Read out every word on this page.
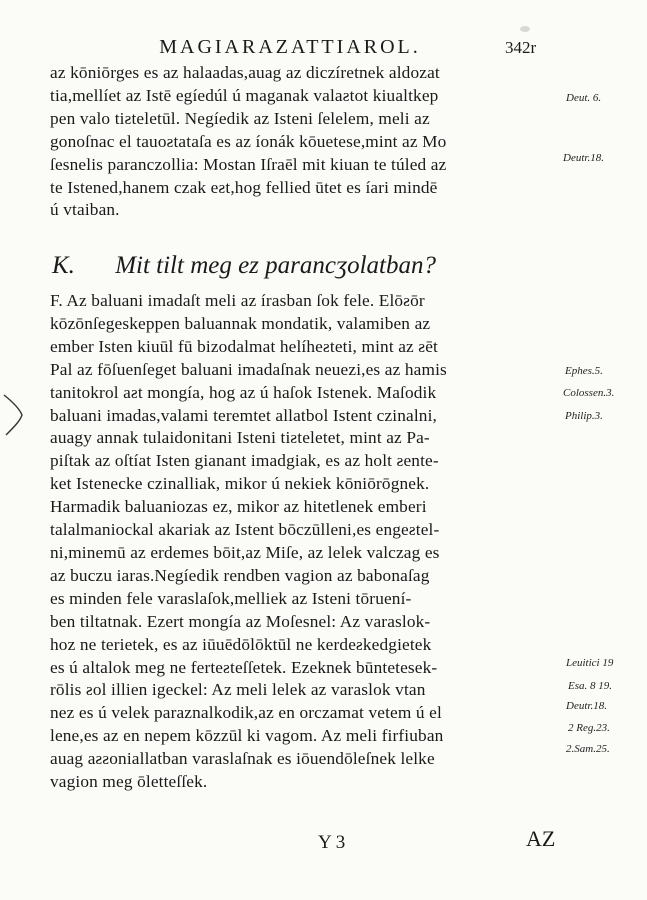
MAGIARAZATTIAROL.	342r
az kōniōrges es az halaadas,auag az diczíretnek aldozat
tia,mellíet az Istē egíedúl ú maganak valaƨtot kiualtkep
pen valo tiƨteletūl. Negíedik az Isteni ſelelem, meli az
gonoſnac el tauoƨtataſa es az íonák kōuetese,mint az Mo
ſesnelis paranczollia: Mostan Iſraēl mit kiuan te túled az
te Istened,hanem czak eƨt,hog fellied ūtet es íari mindē
ú vtaiban.
K. Mit tilt meg ez parancʒolatban?
F. Az baluani imadaſt meli az írasban ſok fele. Elōƨōr
kōzōnſegeskeppen baluannak mondatik, valamiben az
ember Isten kiuūl fū bizodalmat helíheƨteti, mint az ƨēt
Pal az fōſuenſeget baluani imadaſnak neuezi,es az hamis
tanitokrol aƨt mongía, hog az ú haſok Istenek. Maſodik
baluani imadas,valami teremtet allatbol Istent czinalni,
auagy annak tulaidonitani Isteni tiƨteletet, mint az Pa-
piſtak az oſtíat Isten gianant imadgiak, es az holt ƨente-
ket Istenecke czinalliak, mikor ú nekiek kōniōrōgnek.
Harmadik baluaniozas ez, mikor az hitetlenek emberi
talalmaniockal akariak az Istent bōczūlleni,es engeƨtel-
ni,minemū az erdemes bōit,az Miſe, az lelek valczag es
az buczu iaras.Negíedik rendben vagion az babonaſag
es minden fele varaslaſok,melliek az Isteni tōruení-
ben tiltatnak. Ezert mongía az Moſesnel: Az varaslok-
hoz ne terietek, es az iūuēdōlōktūl ne kerdeƨkedgietek
es ú altalok meg ne ferteƨteſſetek. Ezeknek būntetesek-
rōlis ƨol illien igeckel: Az meli lelek az varaslok vtan
nez es ú velek paraznalkodik,az en orczamat vetem ú el
lene,es az en nepem kōzzūl ki vagom. Az meli firfiuban
auag aƨƨoniallatban varaslaſnak es iōuendōleſnek lelke
vagion meg ōletteſſek.
Deut. 6.
Deutr.18.
Ephes.5.
Colossen.3.
Philip.3.
Leuitici 19
Esa. 8 19.
Deutr.18.
2 Reg.23.
2.Sam.25.
Y 3	AZ
